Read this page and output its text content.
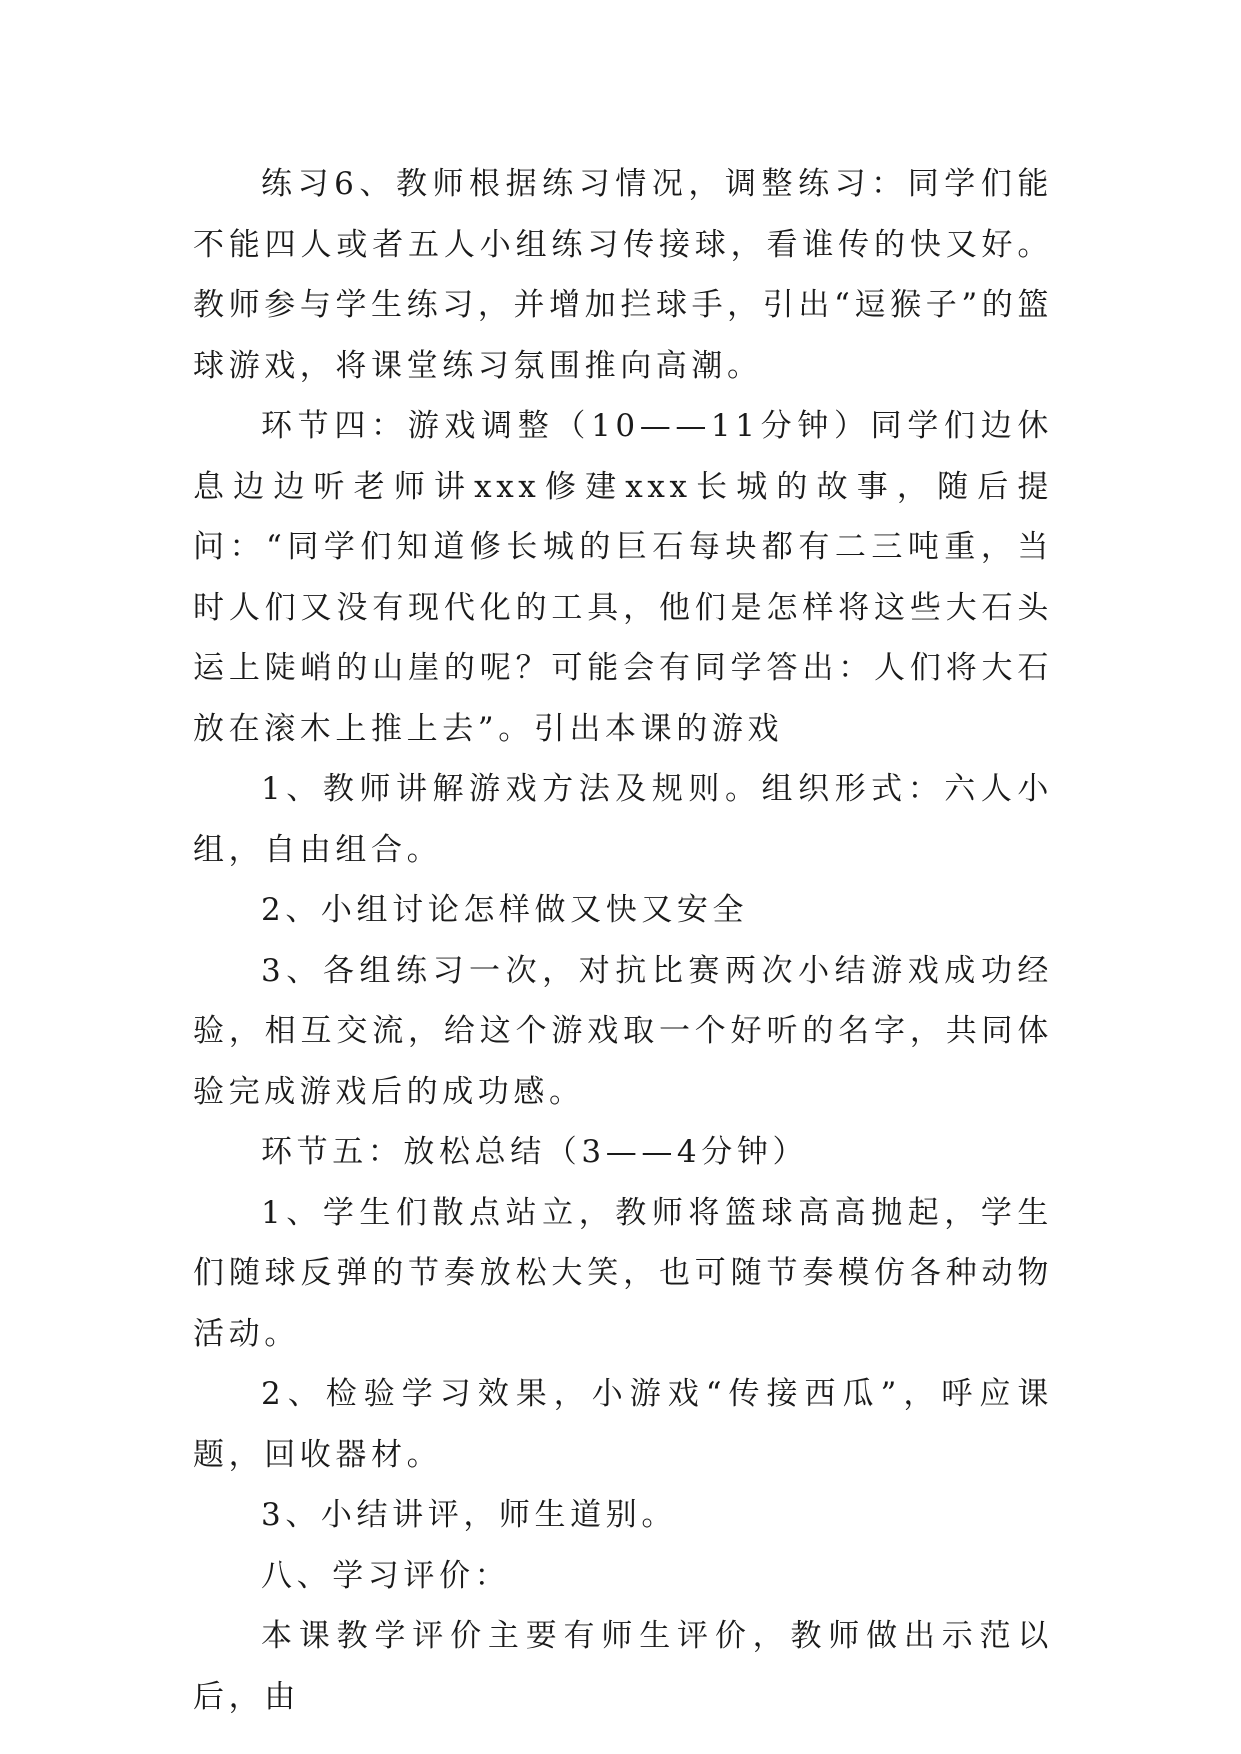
练习6、教师根据练习情况，调整练习：同学们能不能四人或者五人小组练习传接球，看谁传的快又好。教师参与学生练习，并增加拦球手，引出“逗猴子”的篮球游戏，将课堂练习氛围推向高潮。

环节四：游戏调整（10——11分钟）同学们边休息边边听老师讲xxx修建xxx长城的故事，随后提问：“同学们知道修长城的巨石每块都有二三吨重，当时人们又没有现代化的工具，他们是怎样将这些大石头运上陡峭的山崖的呢？可能会有同学答出：人们将大石放在滚木上推上去”。引出本课的游戏

1、教师讲解游戏方法及规则。组织形式：六人小组，自由组合。

2、小组讨论怎样做又快又安全

3、各组练习一次，对抗比赛两次小结游戏成功经验，相互交流，给这个游戏取一个好听的名字，共同体验完成游戏后的成功感。

环节五：放松总结（3——4分钟）

1、学生们散点站立，教师将篮球高高抛起，学生们随球反弹的节奏放松大笑，也可随节奏模仿各种动物活动。

2、检验学习效果，小游戏“传接西瓜”，呼应课题，回收器材。

3、小结讲评，师生道别。

八、学习评价：

本课教学评价主要有师生评价，教师做出示范以后，由
